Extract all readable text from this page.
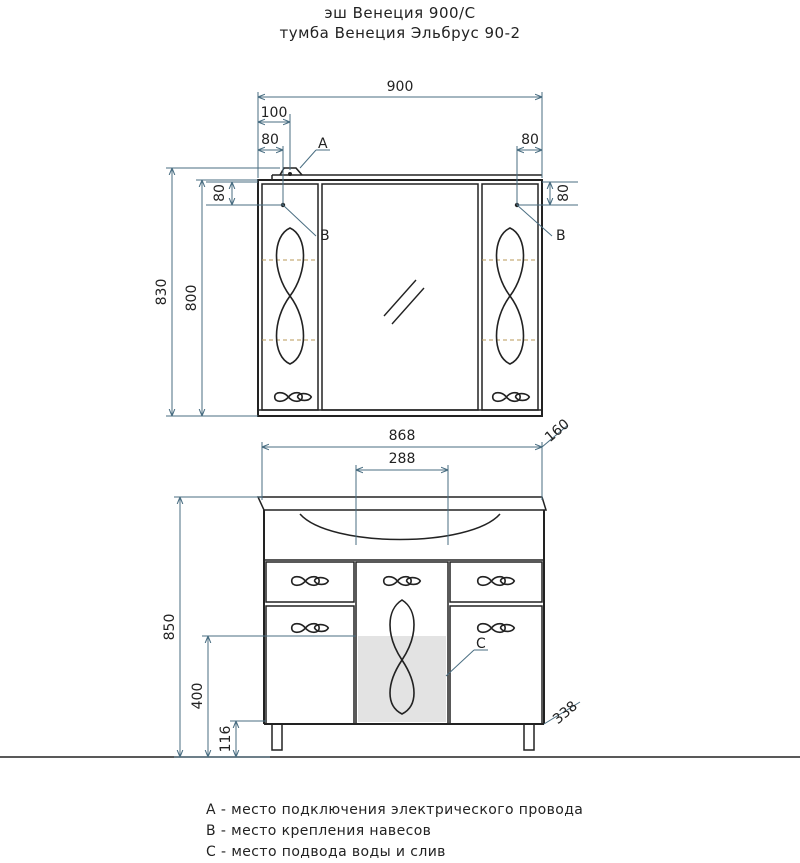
эш Венеция 900/С
тумба Венеция Эльбрус 90-2
900
100
80	80
80	80
830 800
868	160
288
850
400
116
338
A
B	B
C
A - место подключения электрического провода
B - место крепления навесов
C - место подвода воды и слив
